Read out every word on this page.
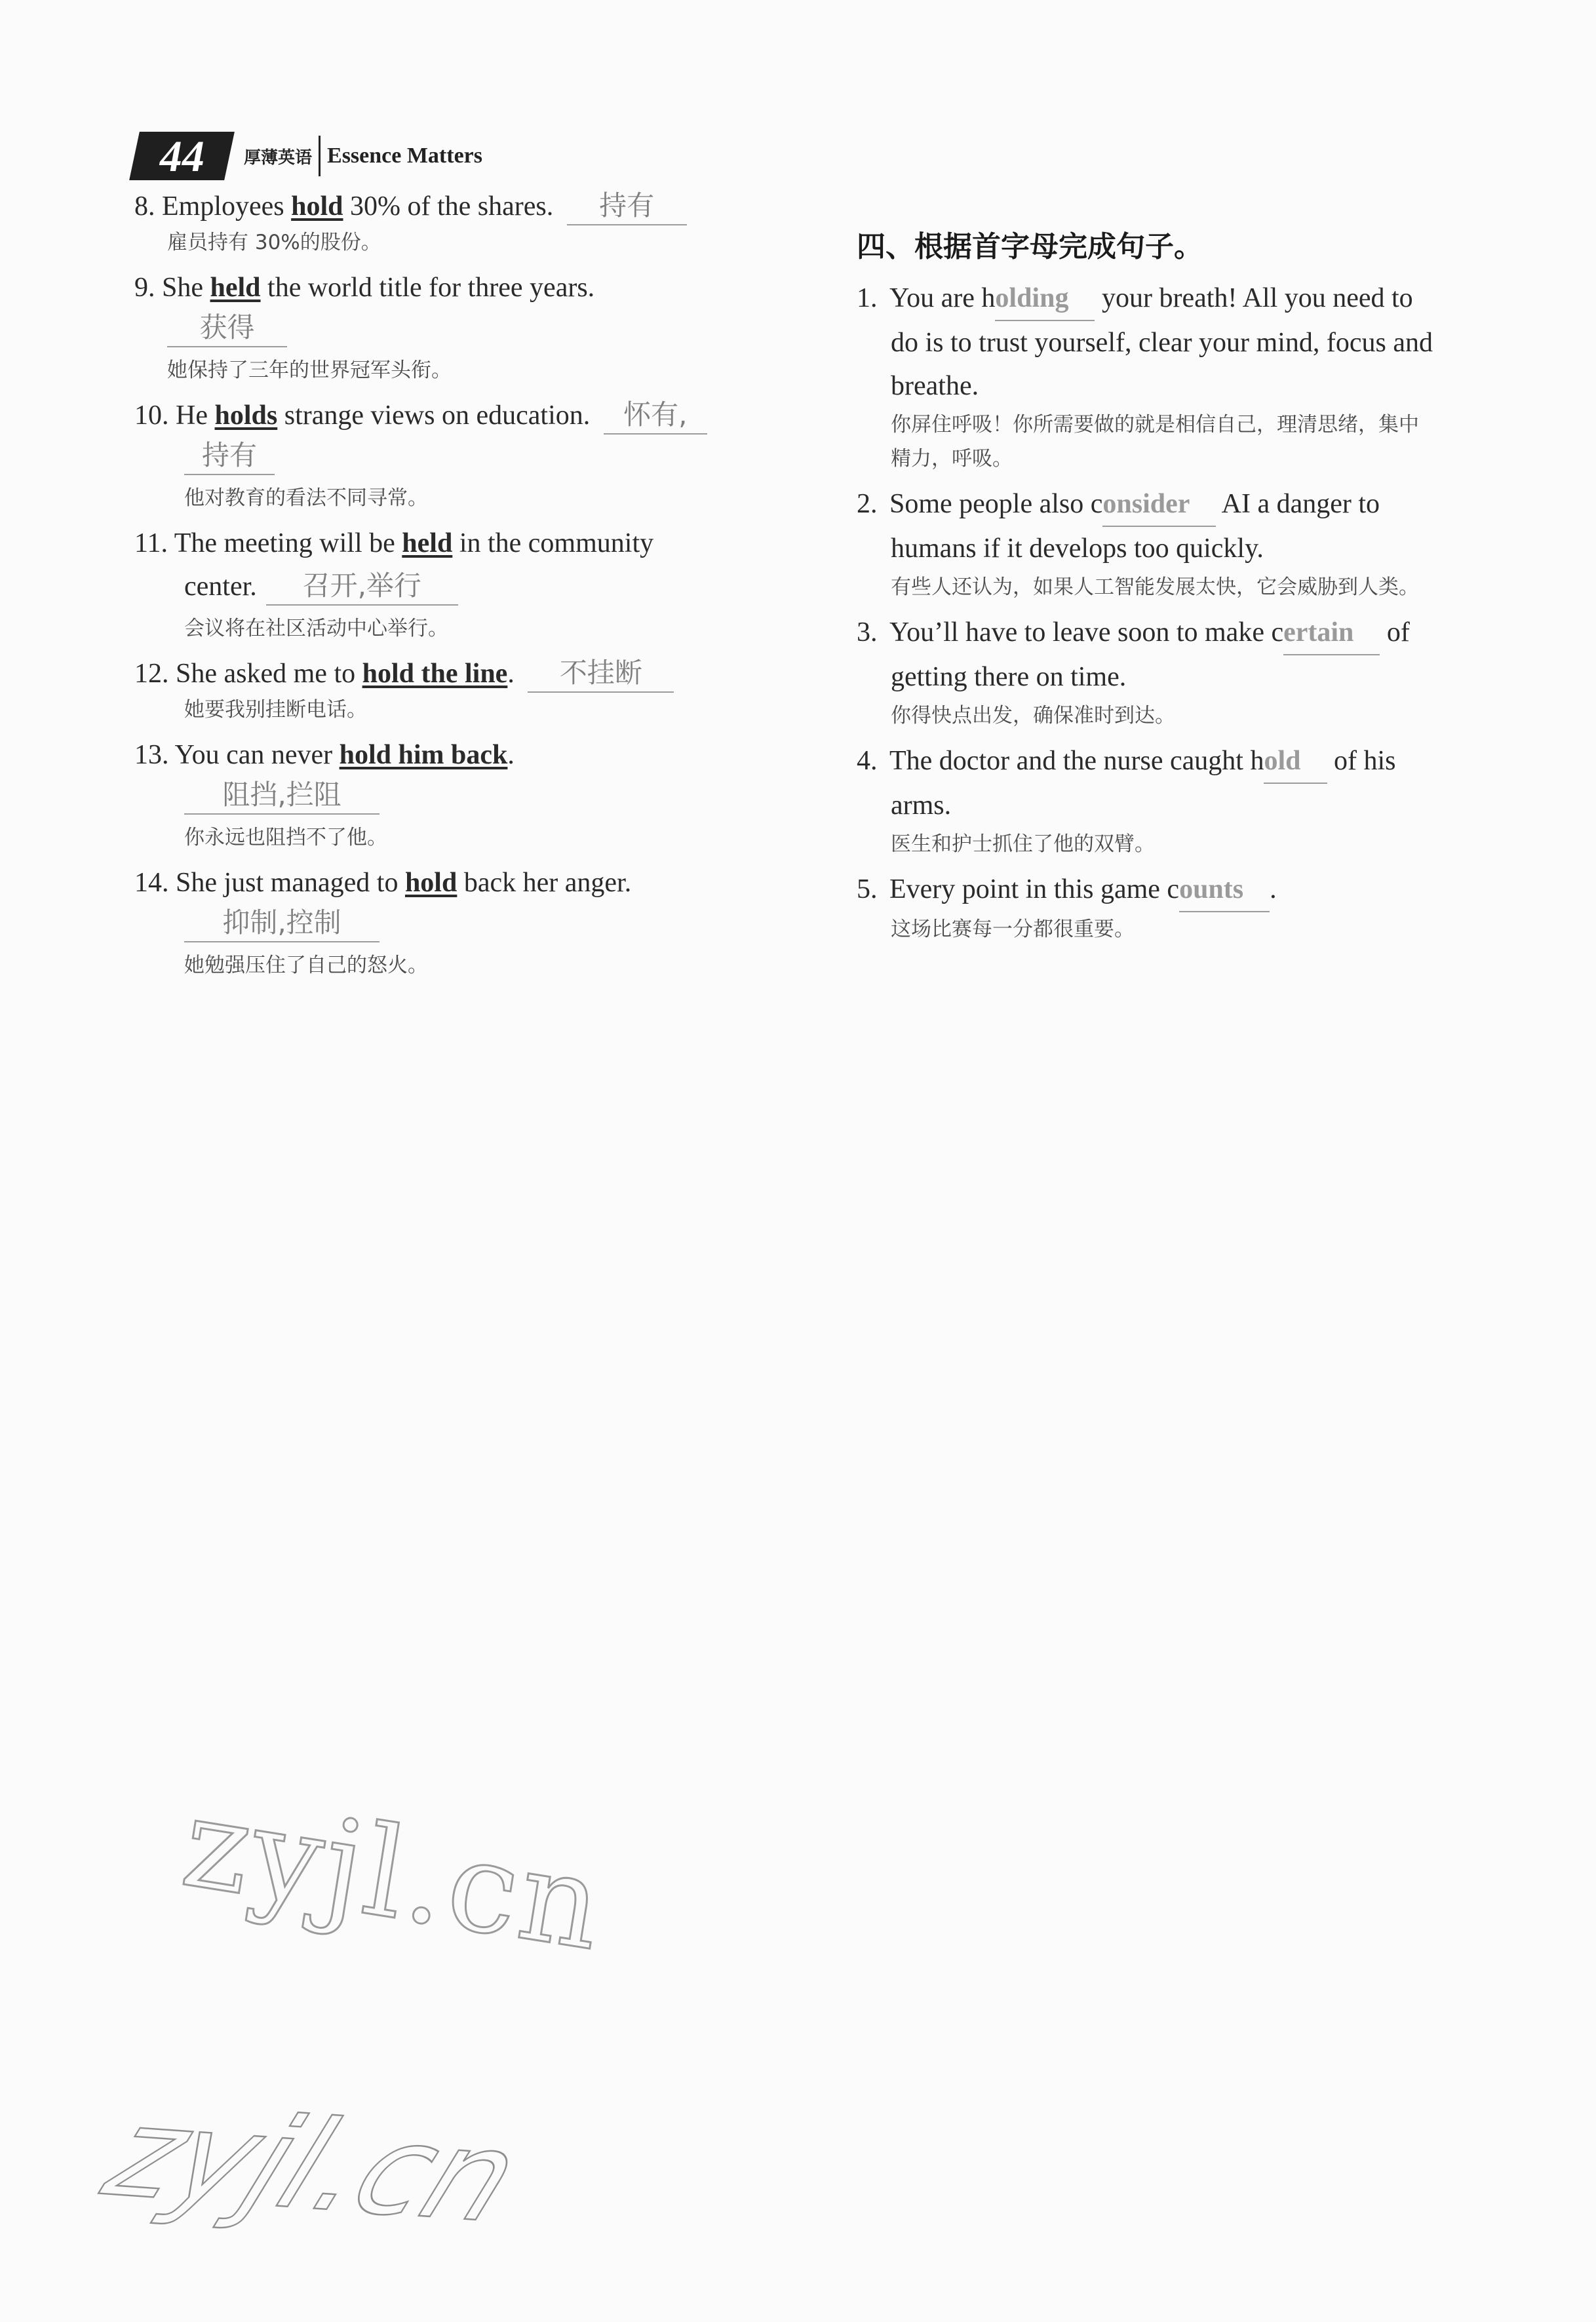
44 厚薄英语 Essence Matters
8. Employees hold 30% of the shares. 持有
雇员持有 30%的股份。
9. She held the world title for three years.
获得
她保持了三年的世界冠军头衔。
10. He holds strange views on education. 怀有,
持有
他对教育的看法不同寻常。
11. The meeting will be held in the community
center. 召开,举行
会议将在社区活动中心举行。
12. She asked me to hold the line. 不挂断
她要我别挂断电话。
13. You can never hold him back.
阻挡,拦阻
你永远也阻挡不了他。
14. She just managed to hold back her anger.
抑制,控制
她勉强压住了自己的怒火。
四、根据首字母完成句子。
1. You are holding your breath! All you need to
do is to trust yourself, clear your mind, focus and
breathe.
你屏住呼吸！你所需要做的就是相信自己，理清思绪，集中
精力，呼吸。
2. Some people also consider AI a danger to
humans if it develops too quickly.
有些人还认为，如果人工智能发展太快，它会威胁到人类。
3. You’ll have to leave soon to make certain of
getting there on time.
你得快点出发，确保准时到达。
4. The doctor and the nurse caught hold of his
arms.
医生和护士抓住了他的双臂。
5. Every point in this game counts .
这场比赛每一分都很重要。
zyjl.cn
zyjl.cn
